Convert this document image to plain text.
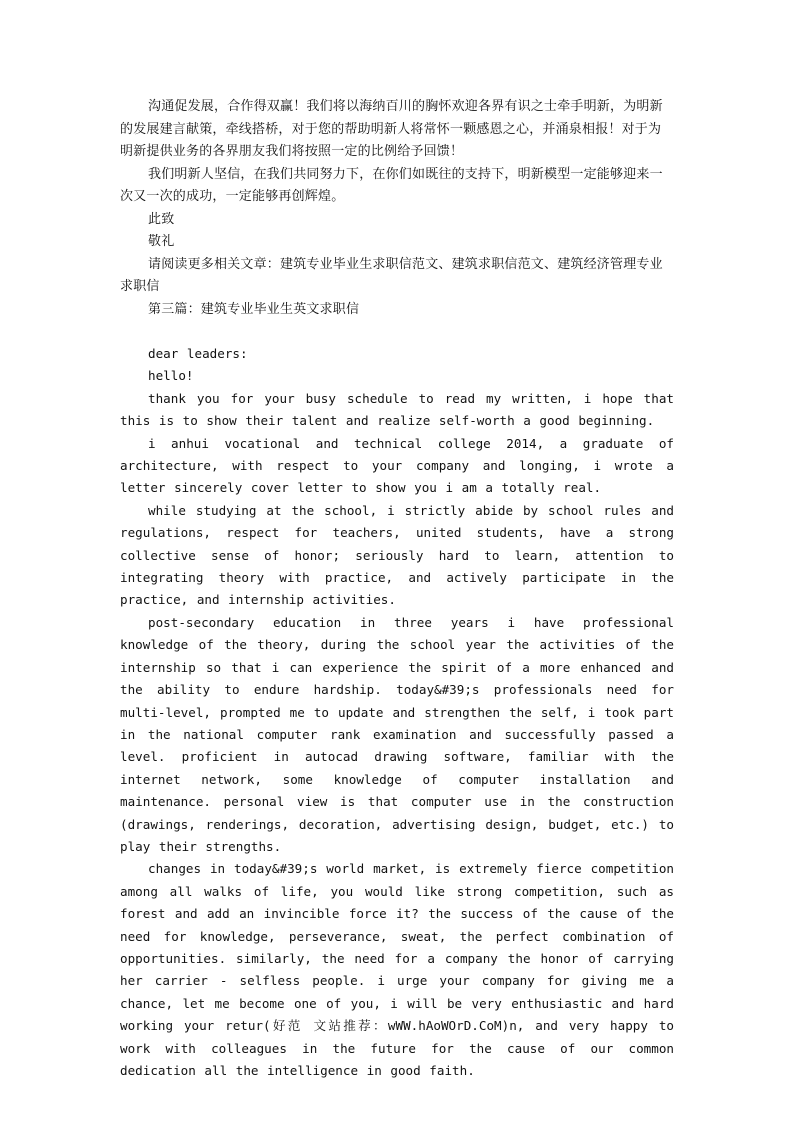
沟通促发展，合作得双赢！我们将以海纳百川的胸怀欢迎各界有识之士牵手明新，为明新的发展建言献策，牵线搭桥，对于您的帮助明新人将常怀一颗感恩之心，并涌泉相报！对于为明新提供业务的各界朋友我们将按照一定的比例给予回馈！

我们明新人坚信，在我们共同努力下，在你们如既往的支持下，明新模型一定能够迎来一次又一次的成功，一定能够再创辉煌。

此致

敬礼

请阅读更多相关文章：建筑专业毕业生求职信范文、建筑求职信范文、建筑经济管理专业求职信

第三篇：建筑专业毕业生英文求职信

dear leaders:

hello!

thank you for your busy schedule to read my written, i hope that this is to show their talent and realize self-worth a good beginning.

i anhui vocational and technical college 2014, a graduate of architecture, with respect to your company and longing, i wrote a letter sincerely cover letter to show you i am a totally real.

while studying at the school, i strictly abide by school rules and regulations, respect for teachers, united students, have a strong collective sense of honor; seriously hard to learn, attention to integrating theory with practice, and actively participate in the practice, and internship activities.

post-secondary education in three years i have professional knowledge of the theory, during the school year the activities of the internship so that i can experience the spirit of a more enhanced and the ability to endure hardship. today&#39;s professionals need for multi-level, prompted me to update and strengthen the self, i took part in the national computer rank examination and successfully passed a level. proficient in autocad drawing software, familiar with the internet network, some knowledge of computer installation and maintenance. personal view is that computer use in the construction (drawings, renderings, decoration, advertising design, budget, etc.) to play their strengths.

changes in today&#39;s world market, is extremely fierce competition among all walks of life, you would like strong competition, such as forest and add an invincible force it? the success of the cause of the need for knowledge, perseverance, sweat, the perfect combination of opportunities. similarly, the need for a company the honor of carrying her carrier - selfless people. i urge your company for giving me a chance, let me become one of you, i will be very enthusiastic and hard working your retur(好范 文站推荐：wWW.hAoWOrD.CoM)n, and very happy to work with colleagues in the future for the cause of our common dedication all the intelligence in good faith.
